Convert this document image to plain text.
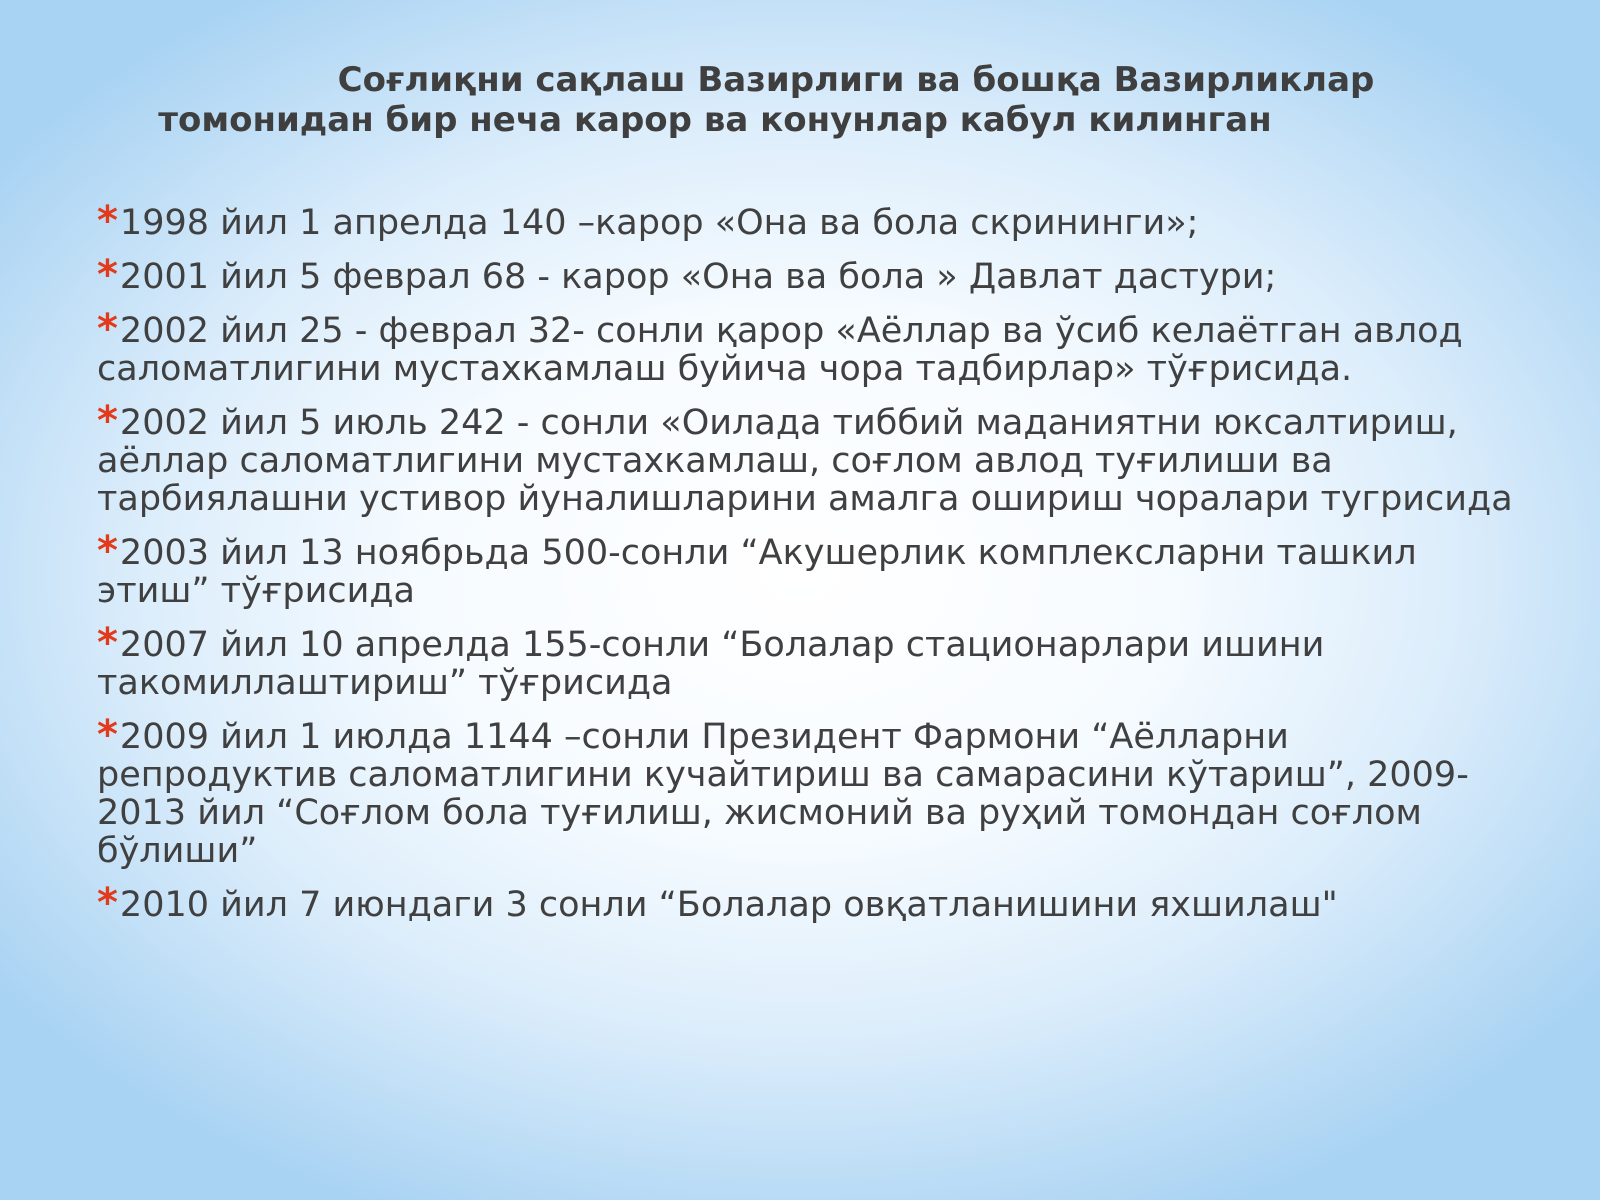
Соғлиқни сақлаш Вазирлиги ва бошқа Вазирликлар
томонидан бир неча карор ва конунлар кабул килинган
*1998 йил 1 апрелда 140 –карор «Она ва бола скрининги»;
*2001 йил 5 феврал 68 - карор «Она ва бола » Давлат дастури;
*2002 йил 25 - феврал 32- сонли қарор «Аёллар ва ўсиб келаётган авлод саломатлигини мустахкамлаш буйича чора тадбирлар» тўғрисида.
*2002 йил 5 июль 242 - сонли «Оилада тиббий маданиятни юксалтириш, аёллар саломатлигини мустахкамлаш, соғлом авлод туғилиши ва тарбиялашни устивор йуналишларини амалга ошириш чоралари тугрисида
*2003 йил 13 ноябрьда 500-сонли “Акушерлик комплексларни ташкил этиш” тўғрисида
*2007 йил 10 апрелда 155-сонли “Болалар стационарлари ишини такомиллаштириш” тўғрисида
*2009 йил 1 июлда 1144 –сонли Президент Фармони “Аёлларни репродуктив саломатлигини кучайтириш ва самарасини кўтариш”, 2009-2013 йил “Соғлом бола туғилиш, жисмоний ва руҳий томондан соғлом бўлиши”
*2010 йил 7 июндаги 3 сонли “Болалар овқатланишини яхшилаш"
